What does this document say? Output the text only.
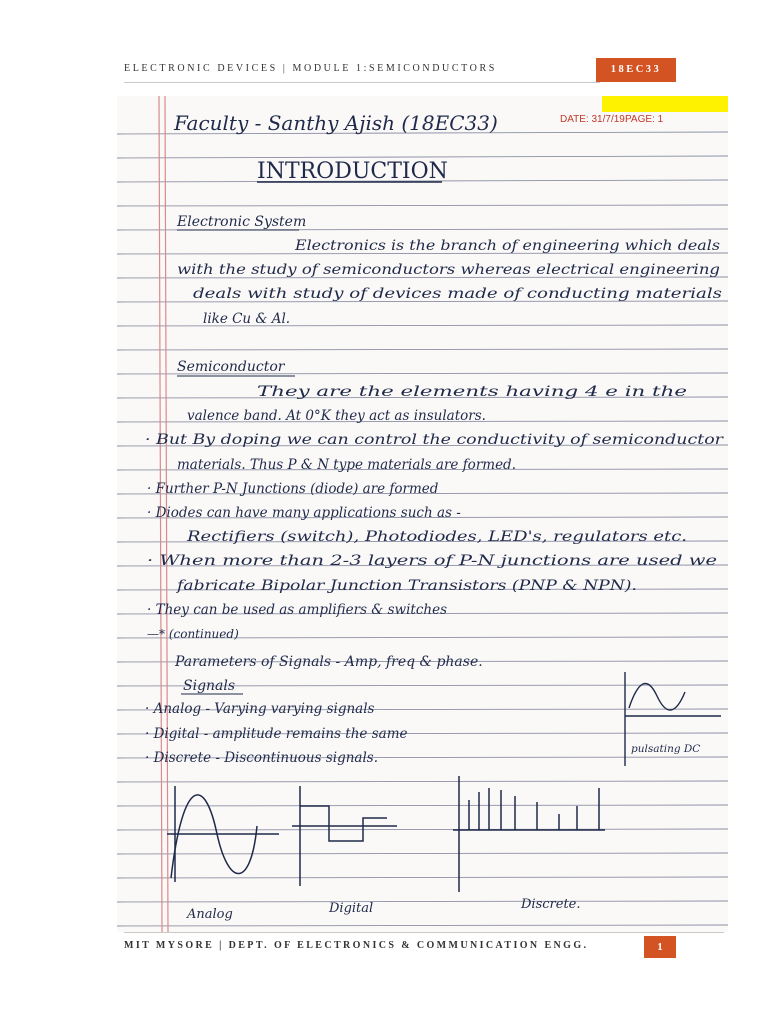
ELECTRONIC DEVICES | MODULE 1:SEMICONDUCTORS	18EC33
Faculty - Santhy Ajish (18EC33)	DATE: 31/7/19.
PAGE: 1
INTRODUCTION
Electronic System
Electronics is the branch of engineering which deals
with the study of semiconductors whereas electrical engineering
deals with study of devices made of conducting materials
like Cu & Al.
Semiconductor
They are the elements having 4 e in the
valence band. At 0°K they act as insulators.
· But By doping we can control the conductivity of semiconductor
materials. Thus P & N type materials are formed.
· Further P-N Junctions (diode) are formed
· Diodes can have many applications such as -
Rectifiers (switch), Photodiodes, LED's, regulators etc.
· When more than 2-3 layers of P-N junctions are used we
fabricate Bipolar Junction Transistors (PNP & NPN).
· They can be used as amplifiers & switches
—* (continued)
Parameters of Signals - Amp, freq & phase.
Signals
· Analog - Varying varying signals
· Digital - amplitude remains the same
· Discrete - Discontinuous signals.
pulsating DC
Analog	Digital	Discrete.
MIT MYSORE | DEPT. OF ELECTRONICS & COMMUNICATION ENGG.	1
